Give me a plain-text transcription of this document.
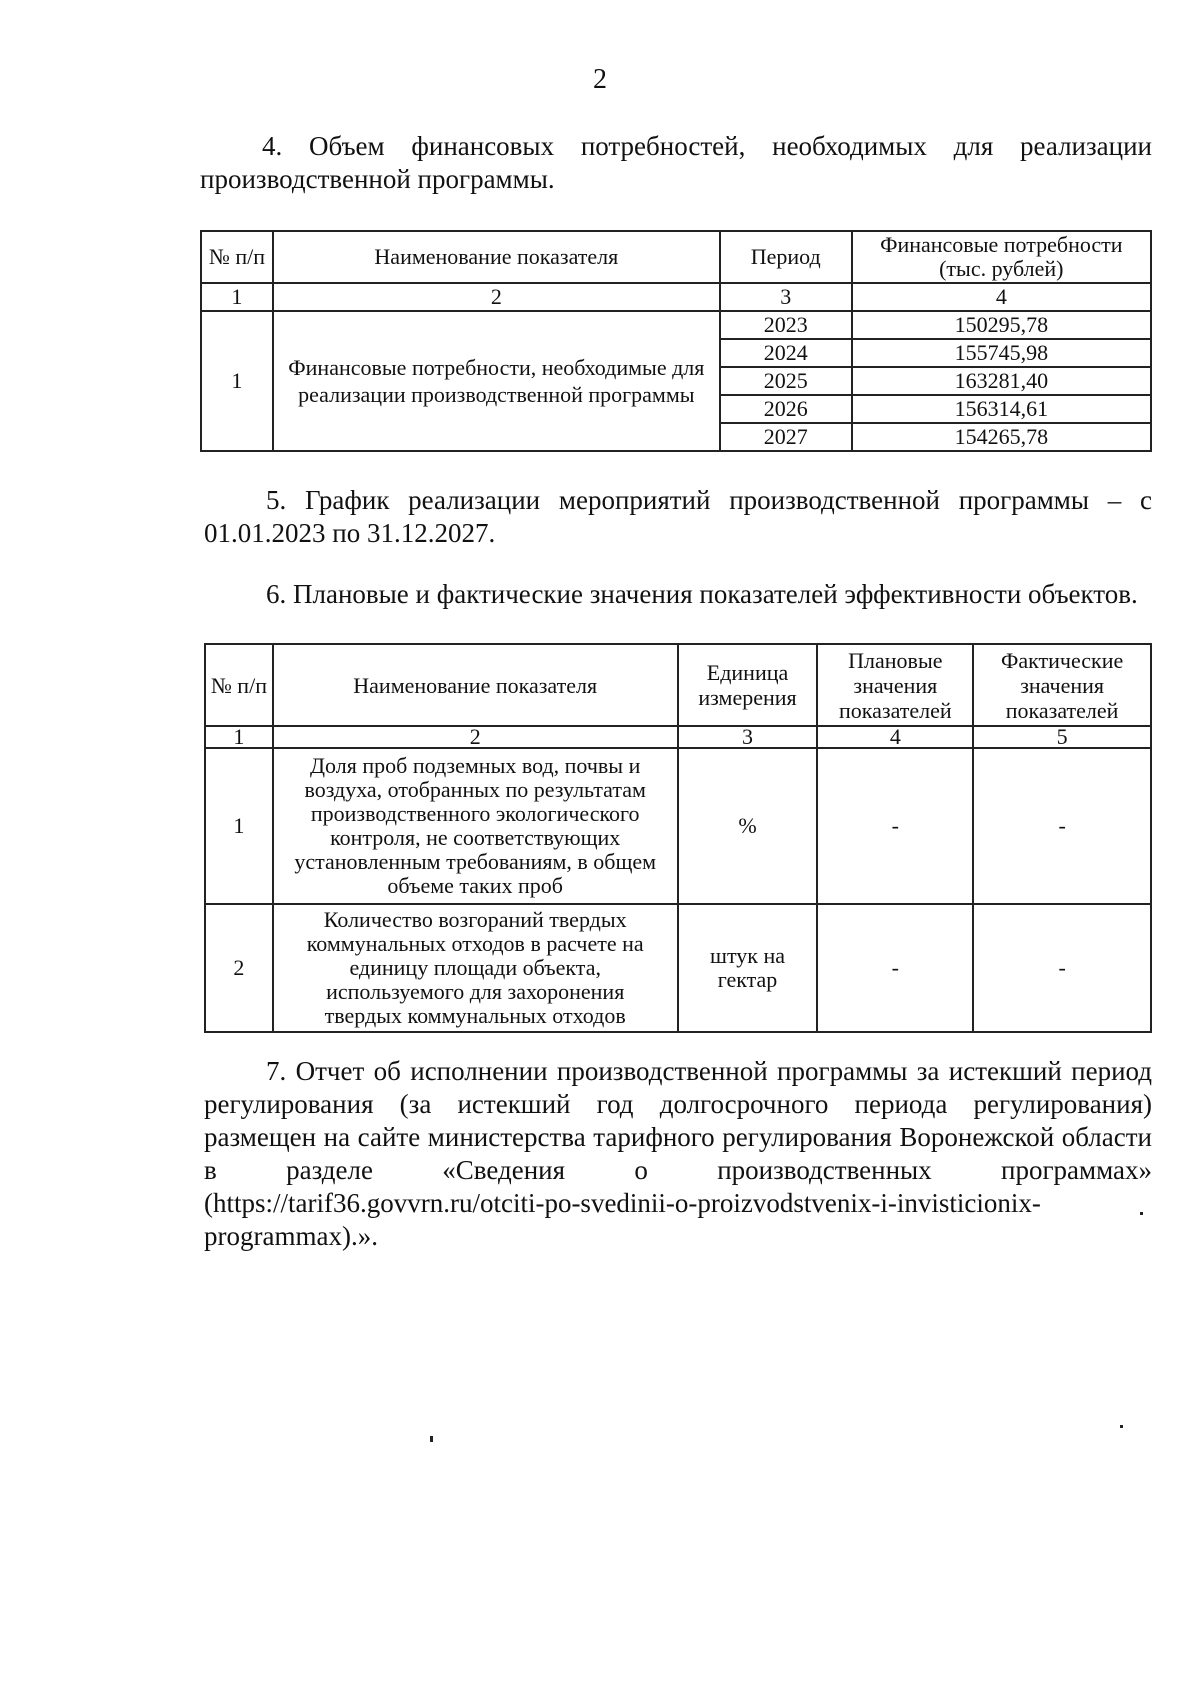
2
4. Объем финансовых потребностей, необходимых для реализации производственной программы.
№ п/п	Наименование показателя	Период	Финансовые потребности (тыс. рублей)
1	2	3	4
1	Финансовые потребности, необходимые для реализации производственной программы	2023	150295,78
		2024	155745,98
		2025	163281,40
		2026	156314,61
		2027	154265,78
5. График реализации мероприятий производственной программы – с 01.01.2023 по 31.12.2027.
6. Плановые и фактические значения показателей эффективности объектов.
№ п/п	Наименование показателя	Единица измерения	Плановые значения показателей	Фактические значения показателей
1	2	3	4	5
1	Доля проб подземных вод, почвы и воздуха, отобранных по результатам производственного экологического контроля, не соответствующих установленным требованиям, в общем объеме таких проб	%	-	-
2	Количество возгораний твердых коммунальных отходов в расчете на единицу площади объекта, используемого для захоронения твердых коммунальных отходов	штук на гектар	-	-
7. Отчет об исполнении производственной программы за истекший период регулирования (за истекший год долгосрочного периода регулирования) размещен на сайте министерства тарифного регулирования Воронежской области в разделе «Сведения о производственных программах» (https://tarif36.govvrn.ru/otciti-po-svedinii-o-proizvodstvenix-i-invisticionix-programmax).».
